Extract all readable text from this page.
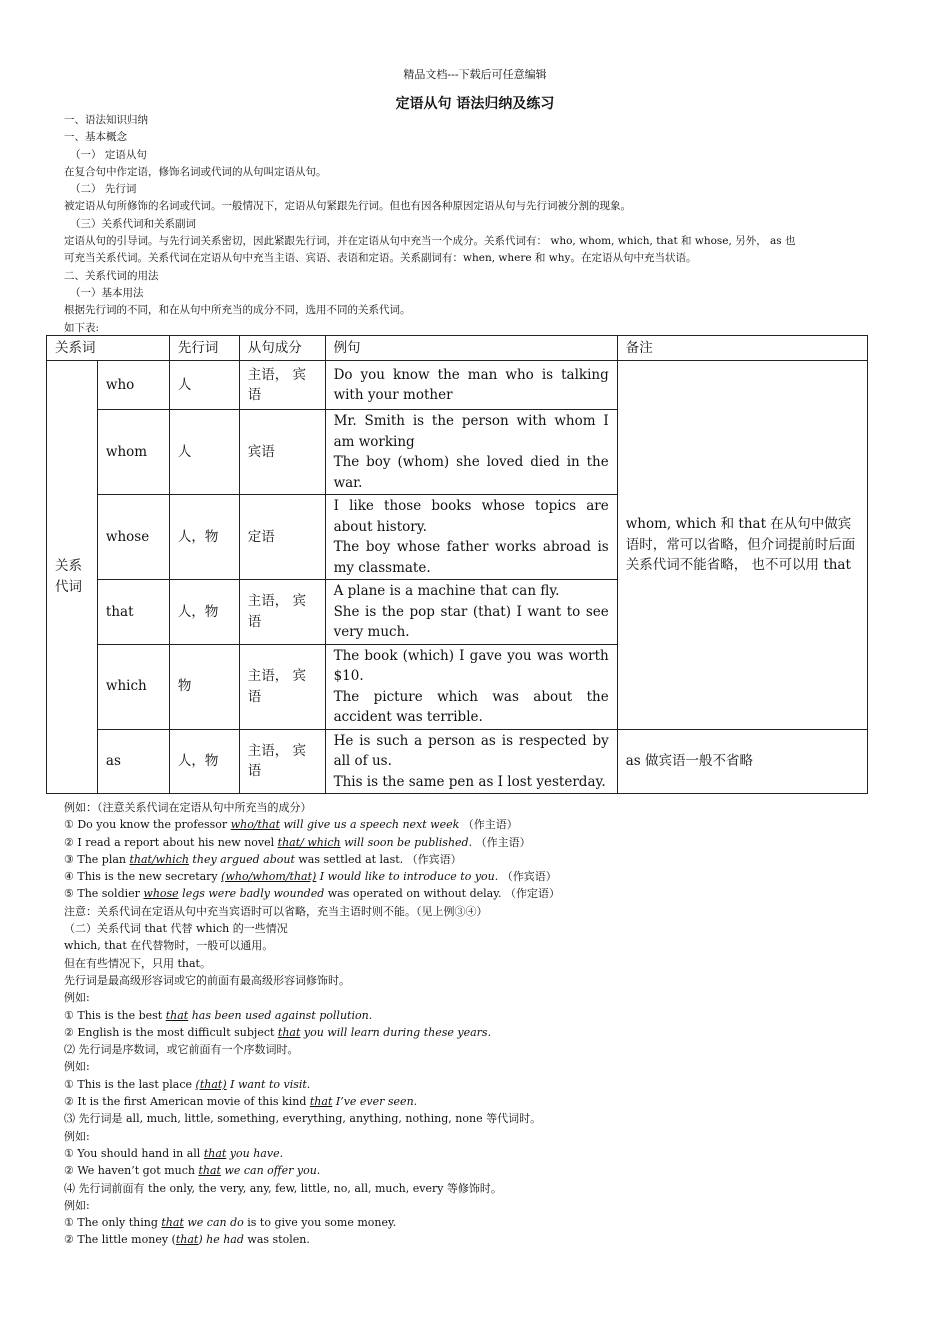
精品文档---下载后可任意编辑
定语从句 语法归纳及练习

一、语法知识归纳

一、基本概念

（一） 定语从句

在复合句中作定语，修饰名词或代词的从句叫定语从句。

（二） 先行词

被定语从句所修饰的名词或代词。一般情况下，定语从句紧跟先行词。但也有因各种原因定语从句与先行词被分割的现象。

（三）关系代词和关系副词

定语从句的引导词。与先行词关系密切，因此紧跟先行词，并在定语从句中充当一个成分。关系代词有： who, whom, which, that 和 whose, 另外， as 也

可充当关系代词。关系代词在定语从句中充当主语、宾语、表语和定语。关系副词有：when, where 和 why。在定语从句中充当状语。

二、关系代词的用法

（一）基本用法

根据先行词的不同，和在从句中所充当的成分不同，选用不同的关系代词。

如下表:

关系词		先行词	从句成分	例句	备注
关系代词	who	人	主语， 宾语	Do you know the man who is talking with your mother	whom, which 和 that 在从句中做宾语时，常可以省略，但介词提前时后面关系代词不能省略， 也不可以用 that
	whom	人	宾语	Mr. Smith is the person with whom I am working
The boy (whom) she loved died in the war.	

	whose	人，物	定语	I like those books whose topics are about history.
The boy whose father works abroad is my classmate.	

	that	人，物	主语， 宾语	A plane is a machine that can fly.
She is the pop star (that) I want to see very much.	

	which	物	主语， 宾语	The book (which) I gave you was worth $10.
The picture which was about the accident was terrible.	

	as	人，物	主语， 宾语	He is such a person as is respected by all of us.
This is the same pen as I lost yesterday.	as 做宾语一般不省略

例如：（注意关系代词在定语从句中所充当的成分）

① Do you know the professor who/that will give us a speech next week （作主语）

② I read a report about his new novel that/ which will soon be published. （作主语）

③ The plan that/which they argued about was settled at last. （作宾语）

④ This is the new secretary (who/whom/that) I would like to introduce to you. （作宾语）

⑤ The soldier whose legs were badly wounded was operated on without delay. （作定语）

注意：关系代词在定语从句中充当宾语时可以省略，充当主语时则不能。（见上例③④）

（二）关系代词 that 代替 which 的一些情况

which, that 在代替物时，一般可以通用。

但在有些情况下，只用 that。

先行词是最高级形容词或它的前面有最高级形容词修饰时。

例如:

① This is the best that has been used against pollution.

② English is the most difficult subject that you will learn during these years.

⑵ 先行词是序数词，或它前面有一个序数词时。

例如:

① This is the last place (that) I want to visit.

② It is the first American movie of this kind that I’ve ever seen.

⑶ 先行词是 all, much, little, something, everything, anything, nothing, none 等代词时。

例如:

① You should hand in all that you have.

② We haven’t got much that we can offer you.

⑷ 先行词前面有 the only, the very, any, few, little, no, all, much, every 等修饰时。

例如:

① The only thing that we can do is to give you some money.

② The little money (that) he had was stolen.
